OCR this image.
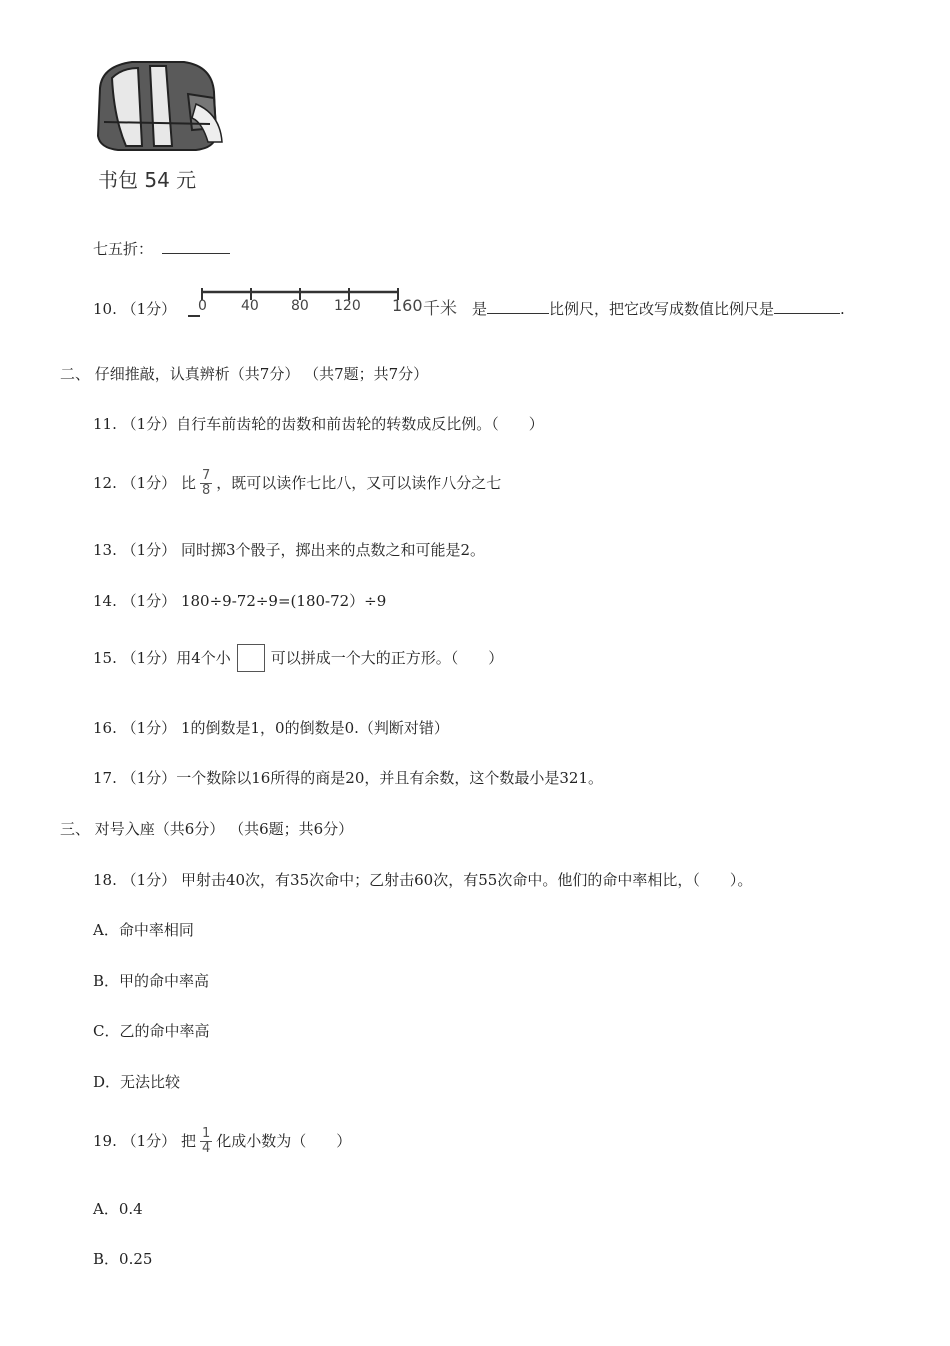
书包 54 元
七五折：
10. （1分） 0 40 80 120 160 千米 是	比例尺，把它改写成数值比例尺是	.
二、 仔细推敲，认真辨析（共7分） （共7题；共7分）
11. （1分）自行车前齿轮的齿数和前齿轮的转数成反比例。（　　）
12.
（1分）
比 $\frac{7}{8}$ ，既可以读作七比八，又可以读作八分之七
13. （1分） 同时掷3个骰子，掷出来的点数之和可能是2。
14. （1分） 180÷9-72÷9=(180-72）÷9
15.
（1分） 用4个小	可以拼成一个大的正方形。（　　）
16. （1分） 1的倒数是1，0的倒数是0.（判断对错）
17. （1分）一个数除以16所得的商是20，并且有余数，这个数最小是321。
三、 对号入座（共6分） （共6题；共6分）
18. （1分） 甲射击40次，有35次命中；乙射击60次，有55次命中。他们的命中率相比，（　　）。
A．命中率相同
B．甲的命中率高
C．乙的命中率高
D．无法比较
19.
（1分）
把 $\frac{1}{4}$ 化成小数为（　　）
A．0.4
B．0.25
